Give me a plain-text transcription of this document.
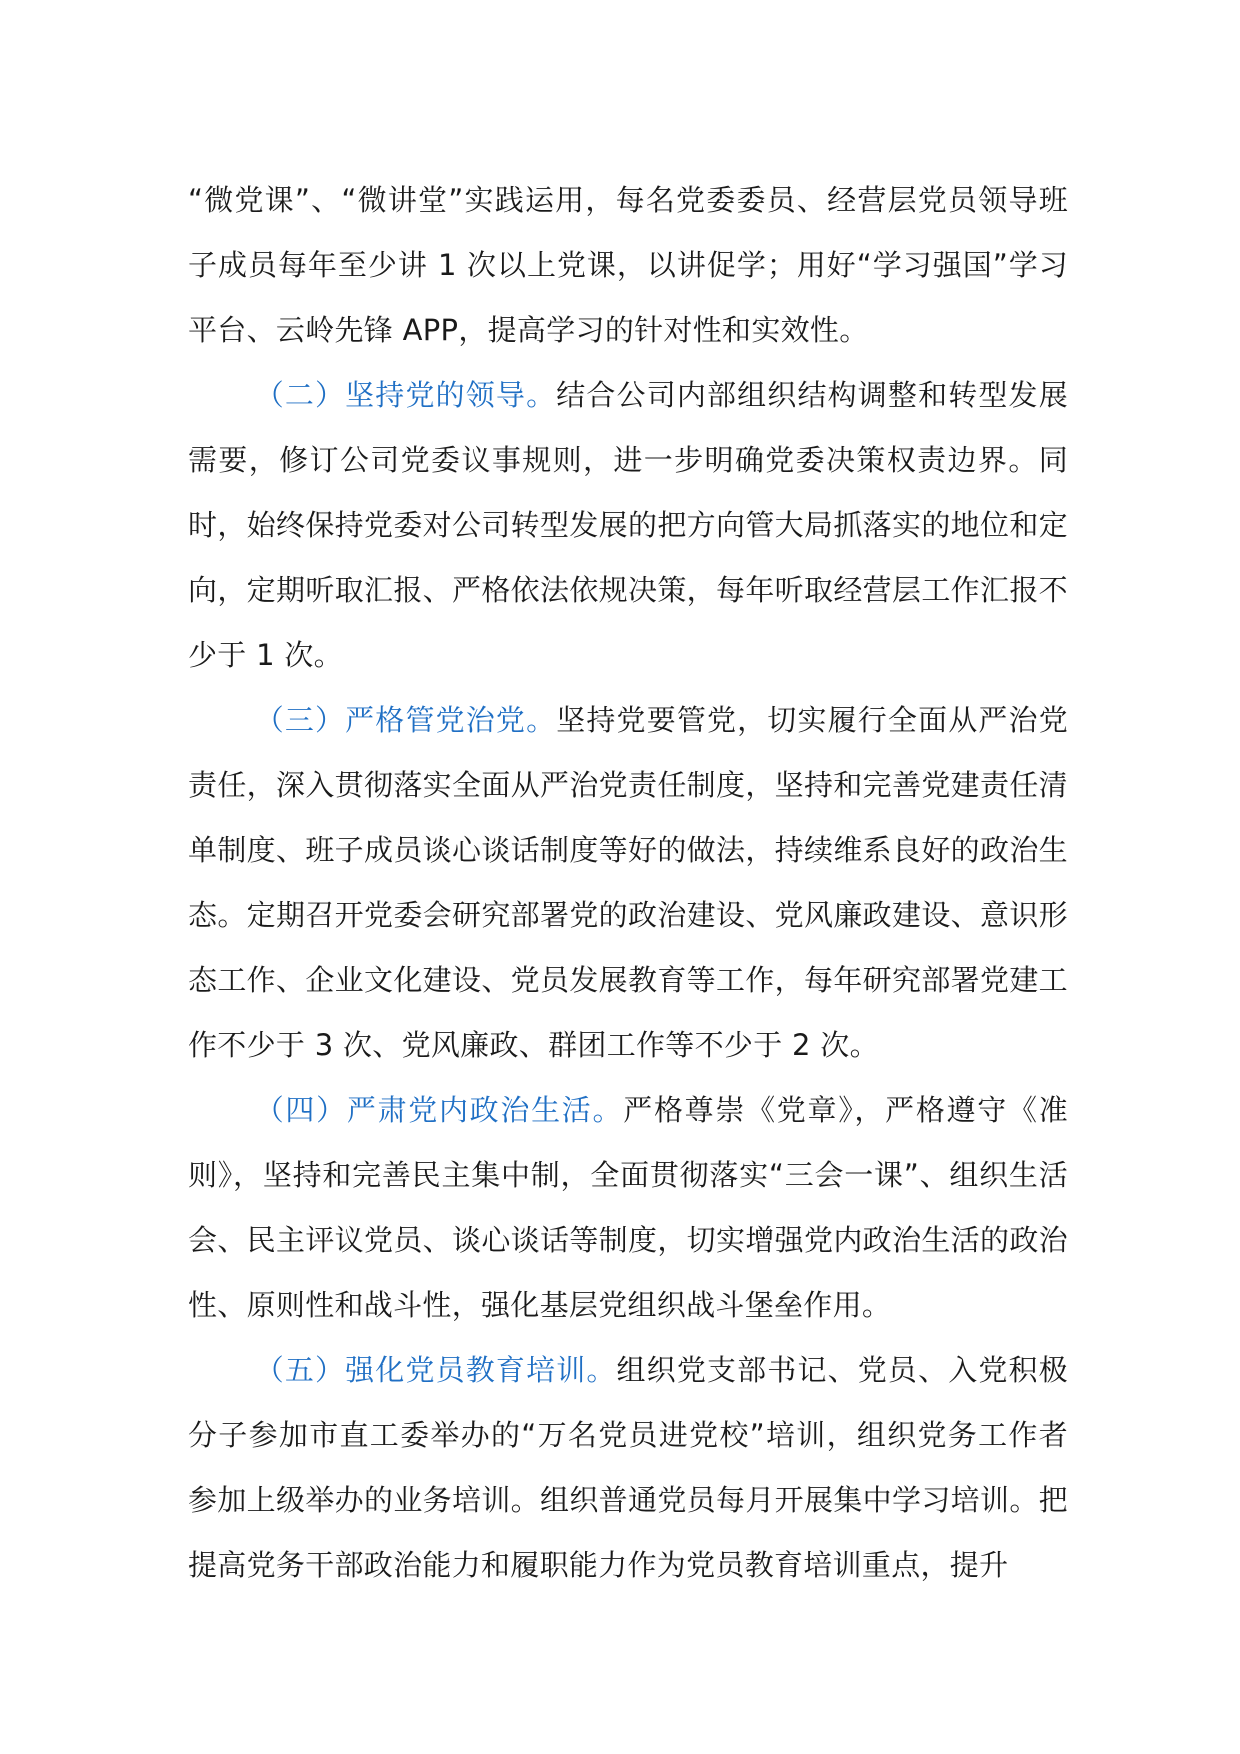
“微党课”、“微讲堂”实践运用，每名党委委员、经营层党员领导班子成员每年至少讲 1 次以上党课，以讲促学；用好“学习强国”学习平台、云岭先锋 APP，提高学习的针对性和实效性。

（二）坚持党的领导。结合公司内部组织结构调整和转型发展需要，修订公司党委议事规则，进一步明确党委决策权责边界。同时，始终保持党委对公司转型发展的把方向管大局抓落实的地位和定向，定期听取汇报、严格依法依规决策，每年听取经营层工作汇报不少于 1 次。

（三）严格管党治党。坚持党要管党，切实履行全面从严治党责任，深入贯彻落实全面从严治党责任制度，坚持和完善党建责任清单制度、班子成员谈心谈话制度等好的做法，持续维系良好的政治生态。定期召开党委会研究部署党的政治建设、党风廉政建设、意识形态工作、企业文化建设、党员发展教育等工作，每年研究部署党建工作不少于 3 次、党风廉政、群团工作等不少于 2 次。

（四）严肃党内政治生活。严格尊崇《党章》，严格遵守《准则》，坚持和完善民主集中制，全面贯彻落实“三会一课”、组织生活会、民主评议党员、谈心谈话等制度，切实增强党内政治生活的政治性、原则性和战斗性，强化基层党组织战斗堡垒作用。

（五）强化党员教育培训。组织党支部书记、党员、入党积极分子参加市直工委举办的“万名党员进党校”培训，组织党务工作者参加上级举办的业务培训。组织普通党员每月开展集中学习培训。把提高党务干部政治能力和履职能力作为党员教育培训重点，提升
